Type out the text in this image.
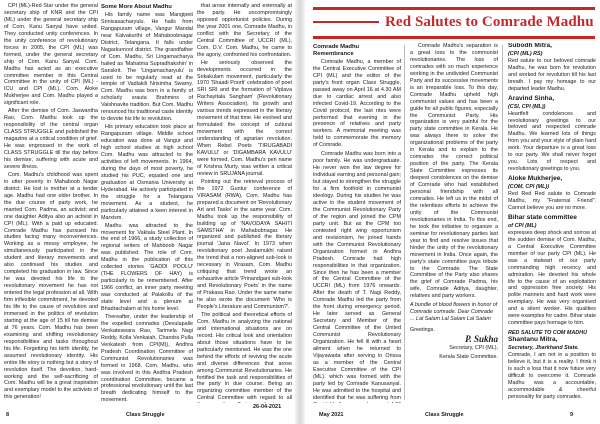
CPI (ML)-Red Star under the general secretary ship of KNR and the CPI (ML) under the general secretary ship of Com. Kanu Sanyal have united. They conducted unity conferences. In the unity conference of revolutionary forces in 2005, the CPI (ML) was formed, under the general secretary ship of Com. Kanu Sanyal. Com. Madhu has acted as an executive committee member in this Central Committee in the unity of CPI (ML) -ICU and CPI (ML). Com. Aloke Mukherjee and Com. Madhu played a significant role.

After the demise of Com. Jaswantha Rao, Com. Madhu took up the responsibility of the central organ CLASS STRUGGLE and published the magazine at a critical condition of grief. He was engrossed in the work of CLASS STRUGGLE till the day before his demise, suffering with acute and severe illness.

Com. Madhu's childhood was spent in utter poverty in Mahaboob Nagar district. He lost is mother at a tender age. Madhu had one elder brother. In the due course of party work, he married Com. Padma, an activist; and one daughter Aditya also an activist in CPI (ML). With a paid up educated. Comrade Madhu has pursued his studies facing many inconveniences. Working as a messy employee, he simultaneously participated in the student and literary movements and also continued his studies and completed his graduation in law. Since he was devoted his life to the revolutionary movement he has not entered the legal profession at all. With firm inflexible commitment, he devoted his life to the cause of revolution and immersed in the politics of revolution starting at the age of 15 till his demise at 76 years. Com. Madhu has been examining and shifting revolutionary responsibilities and tasks throughout his life. Forgetting his birth identity, he assumed revolutionary identity. His entire life story is nothing but a story of revolution itself. The devotion, hard-working and the self-sacrificing of Com. Madhu will be a great inspiration and exemplary model to the activists of this generation!

Some More About Madhu

His family name was Mangipeti Srinivasacharyulu. He hails from Rangapuram village, Vangur Mandal near Kalvakurthi of Mahaboobnagar District, Telangana. It falls under Nagarkurnool district. The grandfather of Com. Madhu, Sri Lingamacharya hailed as 'Mahatma Supradhakshin' in Sanskrit. The 'Lingamacharyulu' is used to be regularly read at the temple of Vadlakili Nrisimha Swamy. Com. Madhu was born in a family of scholarly srauta Brahmins of Vaishnavite tradition. But Com. Madhu renounced his traditional caste identity to devote his life to revolution.

His primary education took place at Rangapuram village. Middle school education was done at Vangur and high school studies at high school Com. Madhu was attracted to the activities of left movements. In 1964, during the days of most poverty, he studied his PUC, equated one and graduation at Osmania University at Hyderabad. He actively participated in the struggle for a Telangana movement. As a student, he particularly attained a keen interest in Marxism.

Madhu was attracted to the movement for Vaktala Steel Plant. In the end of 1966, a study collection of regional writers of Mahboob Nagar was published. The role of Com. Madhu in the publication of this collected stories 'GADDI POOLU' (THE FLOWERS OF HAY) is particularly to be remembered. After 1966 conflict, an inner party meeting was conducted at Palakollu of the state level and a plenum at Bhadrachalam at his home level.

Thereafter, under the leadership of the expelled comrades (Devulapalle Venkateswara Rao, Tarimela Nagi Reddy, Kolla Venkaiah, Chandra Pulla Venkatesh from CPI(M)), Andhra Pradesh Coordination Committee of Communist Revolutionaries was formed in 1968. Com. Madhu, who was involved in this Andhra Pradesh coordination Committee, became a professional revolutionary until the last breath dedicating himself to the movement.

that arose internally and externally at the party. He uncompromisingly opposed opportunist policies. During the year 2001 one, Comrade Madhu, in conflict with the Secretary of the Central Committee of UCCRI (ML), Com. D.V. Com. Madhu, he came to the agony, confronted his confrontation.

He seriously observed the developments occurred in the Srikakulam movement, particularly the 1970 'Shaadi Poorti' celebration of poet SRI SRI and the formation of 'Viplava Rachayitala Sangham' (Revolutionary Writers Association). Its growth and various trends expressed in the literary movement of that time. He evolved and formulated the concept of cultural movement with the correct understanding of agrarian revolution. When Rebel Poets 'TIRUGABADI KAVULU' or 'DIGAMBARA KAVULU' were formed, Com. Madhu's pen name of Krishna Murty, was written a critical review in SRUJANA journal.

Pointing out the retrieval process of the 1972 Guntur conference of VIRASAM (RWA), Com. Madhu has prepared a document on 'Revolutionary Art and Tasks' in the same year. Com. Madhu took up the responsibility of building up of 'NAVODAYA SAHITI SAMSTHA' in Mahabubnagar. He organized and published the literary journal 'Jana Navol'. In 1973 when revolutionary poet Jwalamukhi raised the trend that a non-aligned sub-look is necessary in Virasam, Com. Madhu critiquing that trend wrote an exhaustive article 'Prinandgani sub-look and Revolutionary Poets' in the name of Prakasa Rao. Under the same name he also wrote the document 'Who is People's Literature and Communism?'.

The political and theoretical efforts of Com. Madhu in analyzing the national and international situations are on record. His critical look and orientation about those situations have to be particularly mentioned. He was the one behind the efforts of reviving the acute and diverse differences that arose among Communist Revolutionaries. He fortified the task and responsibilities of the party in due course. Being an organizing committee member of the Central Committee with regard to all

26-04-2021
8	Class Struggle
Red Salutes to Comrade Madhu
Comrade Madhu Remembrance

Comrade Madhu, a member of the Central Executive Committee of CPI (ML) and the editor of the party's front organ Class Struggle, passed away on April 16 at 4.30 AM due to cardiac arrest and also infected Covid-19. According to the Covid protocol, the last rites were performed that evening in the presence of relatives and party workers. A memorial meeting was held to commemorate the memory of Comrade.

Comrade Madhu was born into a poor family. He was undergraduate. He never won the law degree for individual earning and personal gain; but stayed to strengthen the struggle for a firm foothold in communist ideology. During his studies he was active in the student movement of the Communist Revolutionary Party of the region and joined the CPM party unit. But as the CPM too contested right wing opportunism and revisionism, he joined hands with the Communist Revolutionary Organization formed in Andhra Pradesh. Comrade had high responsibilities in that organization. Since then he has been a member of the Central Committee of the UCCRI (ML) from 1976 onwards. After the death of T. Nagi Reddy, Comrade Madhu led the party from the front during emergency period. He later served as General Secretary and Member of the Central Committee of the United Communist Revolutionary Organization. He fell ill with a heart ailment when he returned to Vijayawada after serving in Orissa as a member of the Central Executive Committee of the CPI (ML). which was formed with the party led by Comrade Kanusanyal. He was admitted to the hospital and identified that he was suffering from

Comrade Madhu's separation is a great loss to the communist revolutionaries. The loss of comrades with so much experience working in the undivided Communist Party and its successive movements is an irreparable loss. To this day, Comrade Madhu upheld high communist values and has been a guide for all public figures, especially the Communist Party. His organization is very painful for the party state committee in Kerala. He was always there to solve the organizational problems of the party in Kerala and to explain to the comrades the correct political position of the party. The Kerala State Committee expresses its deepest condolences on the demise of Comrade who had established personal friendship with all comrades. He left us in the midst of the relentless efforts to achieve the unity of the Communist revolutionaries in India. To this end, he took the initiative to organize a seminar for revolutionary parties last year to find and resolve issues that hinder the unity of the revolutionary movement in India. Once again, the party's state committee pays tribute to the Comrade. The State Committee of the Party also shares the grief of Comrade Padma, his wife, Comrade Aditya, daughter, relatives and party workers.

A bundle of blood flowers in honor of Comrade comrade. Dear Comrade ... Lal Salam Lal Salam Lal Salam

Greetings.

P. Sukha

Secretary, CPI (ML),

Kerala State Committee.

Subodh Mitra,
(CPI (ML) RS)

Red salute to our beloved comrade Madhu, he was born for revolution and worked for revolution till his last breath. I pay my homage to our departed leader Madhu.

Aravind Sinha,
(CSI, CPI (ML))

Heartfelt condolences and revolutionary greetings to our beloved and respected comrade Madhu. We learned lots of things from you and your style of plain hard work. Your departure is a great loss to our party. We shall never forget you. Lots of respect and revolutionary greetings to you.

Aloke Mukherjee,
(COM, CPI (ML))

Red Red Red salute to Comrade Madhu, my "Fraternal Friend". Cannot believe you are no more.

Bihar state committee
of CPI (ML)

expresses deep shock and sorrow at the sudden demise of Com. Madhu, a Central Executive Committee member of our party CPI (ML). He was a stalwart of our party commanding high recency and admiration. He devoted his whole life to the cause of an exploitation and oppression free society. His polite manners and hard work were exemplary. He was very organised and a silent worker. His qualities were examples for cadre. Bihar state committee pays homage to him.

RED SALUTE TO COM MADHU
Shantanu Mitra,
Secretary, Jharkhand State.

Comrade, I am not in a position to believe it, but it is a reality. I think it is such a loss that it now future very difficult to overcome it. Comrade Madhu was a accountable, accommodable & cheerful personality for party comrades.

May 2021	Class Struggle	9
